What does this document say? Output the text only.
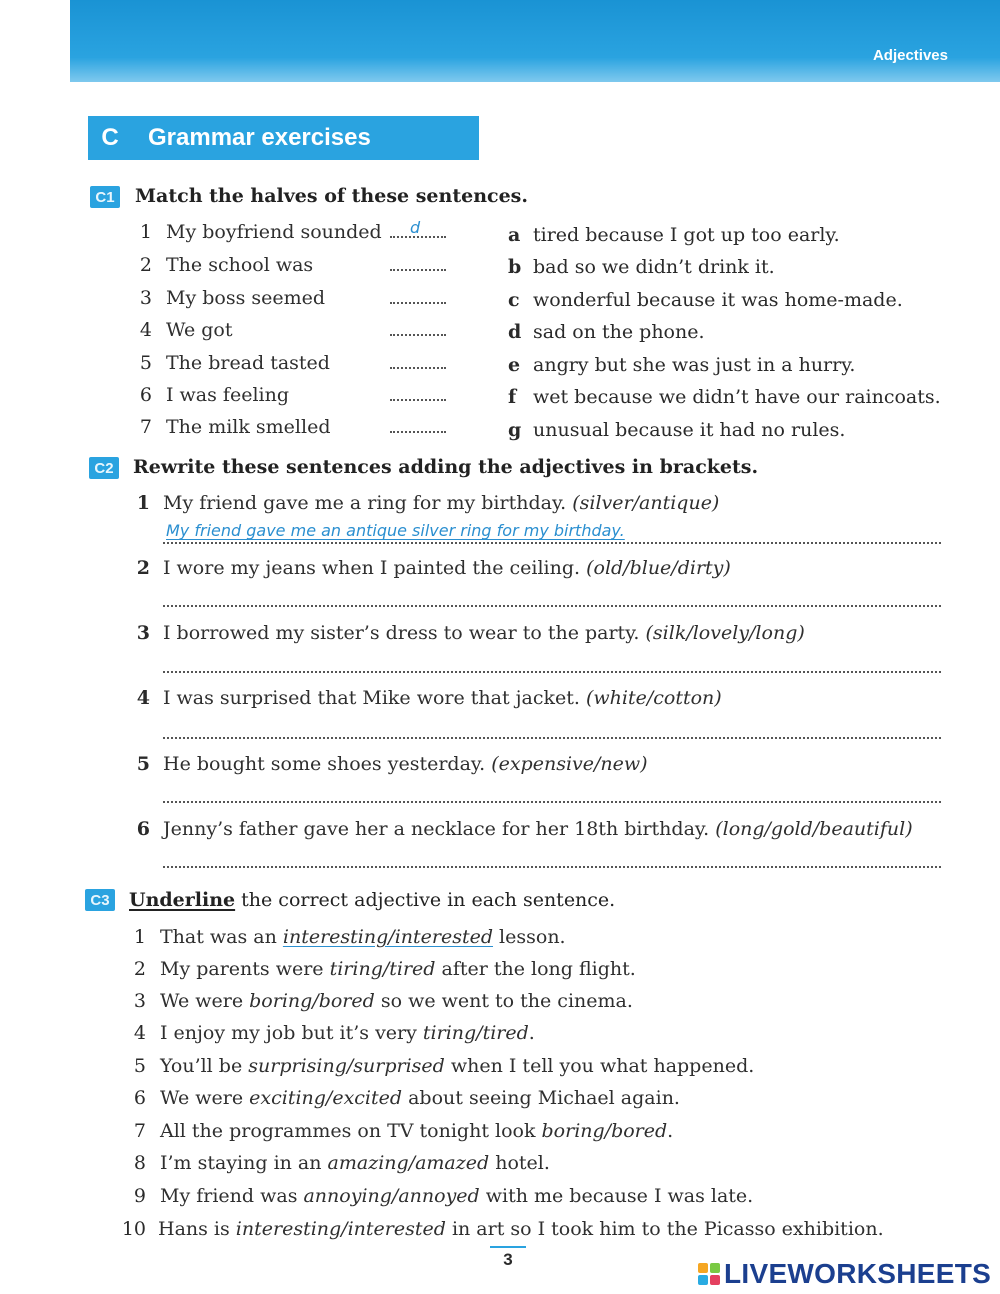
Adjectives
C	Grammar exercises
C1 Match the halves of these sentences.
1 My boyfriend sounded d
2 The school was
3 My boss seemed
4 We got
5 The bread tasted
6 I was feeling
7 The milk smelled
a tired because I got up too early.
b bad so we didn’t drink it.
c wonderful because it was home-made.
d sad on the phone.
e angry but she was just in a hurry.
f wet because we didn’t have our raincoats.
g unusual because it had no rules.
C2 Rewrite these sentences adding the adjectives in brackets.
1 My friend gave me a ring for my birthday. (silver/antique)
My friend gave me an antique silver ring for my birthday.
2 I wore my jeans when I painted the ceiling. (old/blue/dirty)
3 I borrowed my sister’s dress to wear to the party. (silk/lovely/long)
4 I was surprised that Mike wore that jacket. (white/cotton)
5 He bought some shoes yesterday. (expensive/new)
6 Jenny’s father gave her a necklace for her 18th birthday. (long/gold/beautiful)
C3 Underline the correct adjective in each sentence.
1 That was an interesting/interested lesson.
2 My parents were tiring/tired after the long flight.
3 We were boring/bored so we went to the cinema.
4 I enjoy my job but it’s very tiring/tired.
5 You’ll be surprising/surprised when I tell you what happened.
6 We were exciting/excited about seeing Michael again.
7 All the programmes on TV tonight look boring/bored.
8 I’m staying in an amazing/amazed hotel.
9 My friend was annoying/annoyed with me because I was late.
10 Hans is interesting/interested in art so I took him to the Picasso exhibition.
3	LIVEWORKSHEETS
